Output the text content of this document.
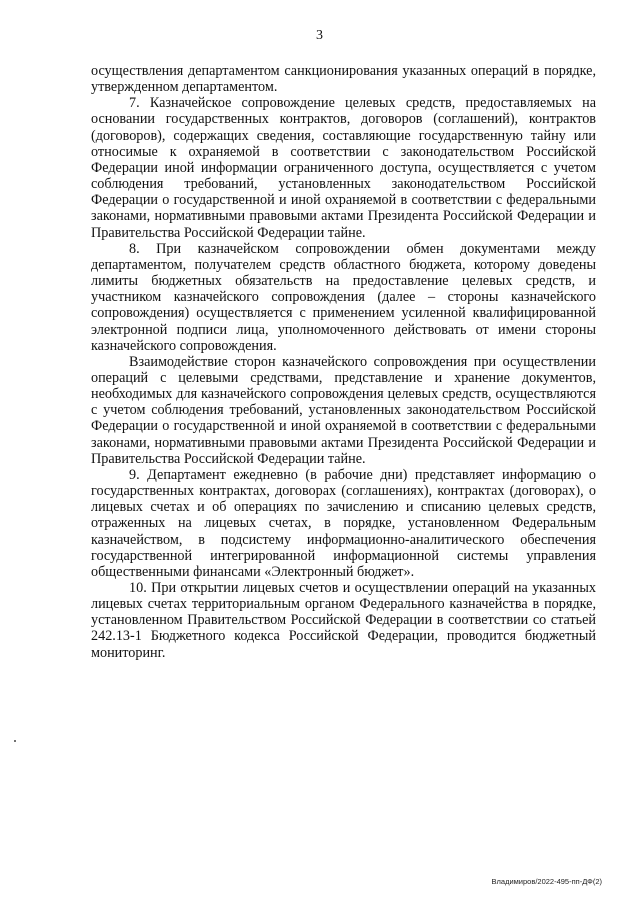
3

осуществления департаментом санкционирования указанных операций в порядке, утвержденном департаментом.

7. Казначейское сопровождение целевых средств, предоставляемых на основании государственных контрактов, договоров (соглашений), контрактов (договоров), содержащих сведения, составляющие государственную тайну или относимые к охраняемой в соответствии с законодательством Российской Федерации иной информации ограниченного доступа, осуществляется с учетом соблюдения требований, установленных законодательством Российской Федерации о государственной и иной охраняемой в соответствии с федеральными законами, нормативными правовыми актами Президента Российской Федерации и Правительства Российской Федерации тайне.

8. При казначейском сопровождении обмен документами между департаментом, получателем средств областного бюджета, которому доведены лимиты бюджетных обязательств на предоставление целевых средств, и участником казначейского сопровождения (далее – стороны казначейского сопровождения) осуществляется с применением усиленной квалифицированной электронной подписи лица, уполномоченного действовать от имени стороны казначейского сопровождения.

Взаимодействие сторон казначейского сопровождения при осуществлении операций с целевыми средствами, представление и хранение документов, необходимых для казначейского сопровождения целевых средств, осуществляются с учетом соблюдения требований, установленных законодательством Российской Федерации о государственной и иной охраняемой в соответствии с федеральными законами, нормативными правовыми актами Президента Российской Федерации и Правительства Российской Федерации тайне.

9. Департамент ежедневно (в рабочие дни) представляет информацию о государственных контрактах, договорах (соглашениях), контрактах (договорах), о лицевых счетах и об операциях по зачислению и списанию целевых средств, отраженных на лицевых счетах, в порядке, установленном Федеральным казначейством, в подсистему информационно-аналитического обеспечения государственной интегрированной информационной системы управления общественными финансами «Электронный бюджет».

10. При открытии лицевых счетов и осуществлении операций на указанных лицевых счетах территориальным органом Федерального казначейства в порядке, установленном Правительством Российской Федерации в соответствии со статьей 242.13-1 Бюджетного кодекса Российской Федерации, проводится бюджетный мониторинг.

Владимиров/2022-495-пп-ДФ(2)
